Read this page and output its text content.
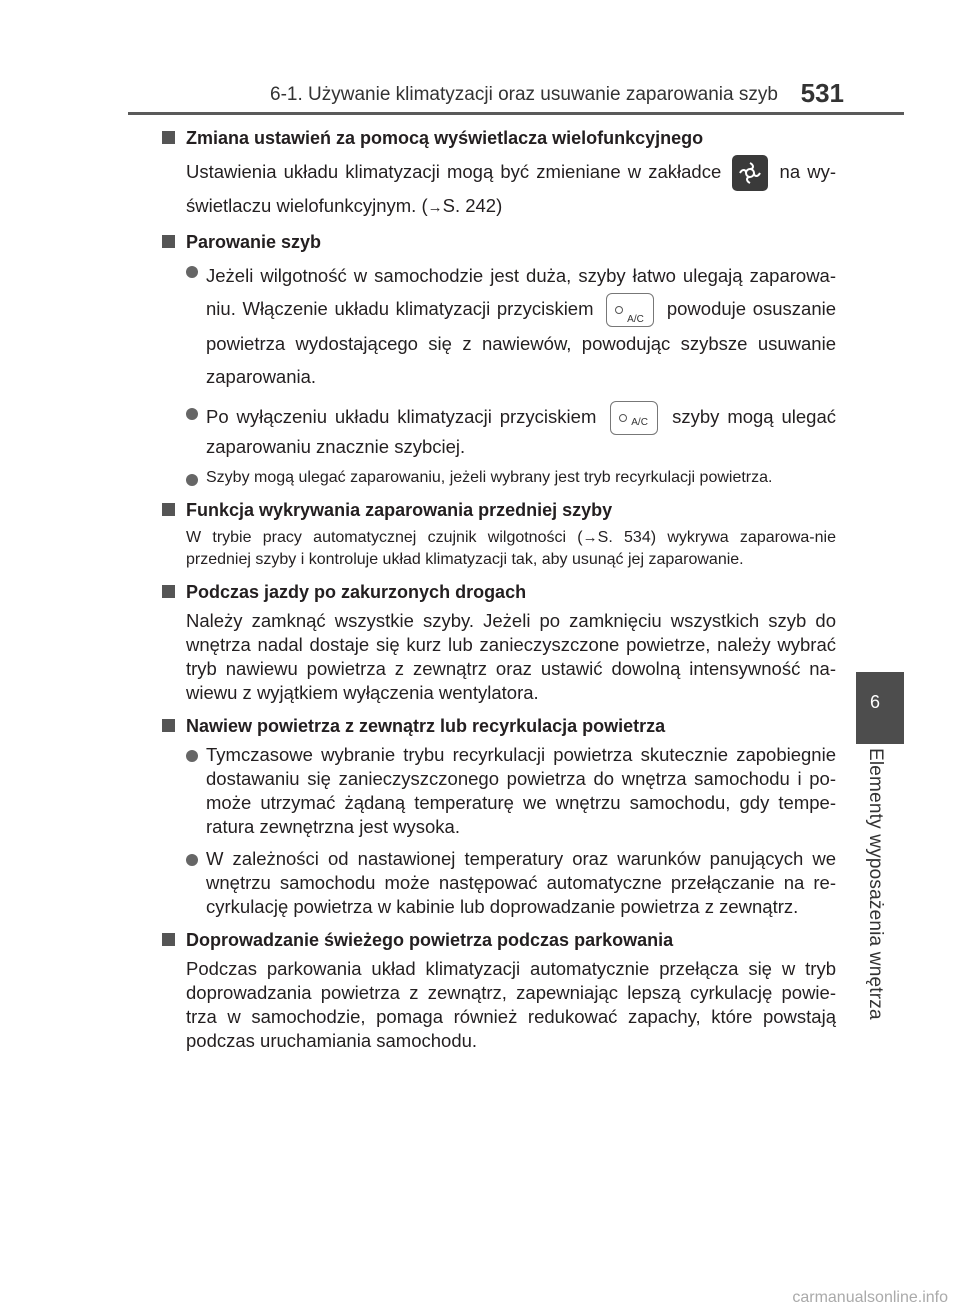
6-1. Używanie klimatyzacji oraz usuwanie zaparowania szyb 531
6
Elementy wyposażenia wnętrza
Zmiana ustawień za pomocą wyświetlacza wielofunkcyjnego
Ustawienia układu klimatyzacji mogą być zmieniane w zakładce	na wy-świetlaczu wielofunkcyjnym. (→S. 242)
Parowanie szyb
Jeżeli wilgotność w samochodzie jest duża, szyby łatwo ulegają zaparowa-niu. Włączenie układu klimatyzacji przyciskiem
A/C
powoduje osuszanie powietrza wydostającego się z nawiewów, powodując szybsze usuwanie zaparowania.
Po wyłączeniu układu klimatyzacji przyciskiem	A/C szyby mogą ulegać zaparowaniu znacznie szybciej.
Szyby mogą ulegać zaparowaniu, jeżeli wybrany jest tryb recyrkulacji powietrza.
Funkcja wykrywania zaparowania przedniej szyby
W trybie pracy automatycznej czujnik wilgotności (→S. 534) wykrywa zaparowa-nie przedniej szyby i kontroluje układ klimatyzacji tak, aby usunąć jej zaparowanie.
Podczas jazdy po zakurzonych drogach
Należy zamknąć wszystkie szyby. Jeżeli po zamknięciu wszystkich szyb do wnętrza nadal dostaje się kurz lub zanieczyszczone powietrze, należy wybrać tryb nawiewu powietrza z zewnątrz oraz ustawić dowolną intensywność na-wiewu z wyjątkiem wyłączenia wentylatora.
Nawiew powietrza z zewnątrz lub recyrkulacja powietrza
Tymczasowe wybranie trybu recyrkulacji powietrza skutecznie zapobiegnie dostawaniu się zanieczyszczonego powietrza do wnętrza samochodu i po-może utrzymać żądaną temperaturę we wnętrzu samochodu, gdy tempe-ratura zewnętrzna jest wysoka.
W zależności od nastawionej temperatury oraz warunków panujących we wnętrzu samochodu może następować automatyczne przełączanie na re-cyrkulację powietrza w kabinie lub doprowadzanie powietrza z zewnątrz.
Doprowadzanie świeżego powietrza podczas parkowania
Podczas parkowania układ klimatyzacji automatycznie przełącza się w tryb doprowadzania powietrza z zewnątrz, zapewniając lepszą cyrkulację powie-trza w samochodzie, pomaga również redukować zapachy, które powstają podczas uruchamiania samochodu.
carmanualsonline.info
